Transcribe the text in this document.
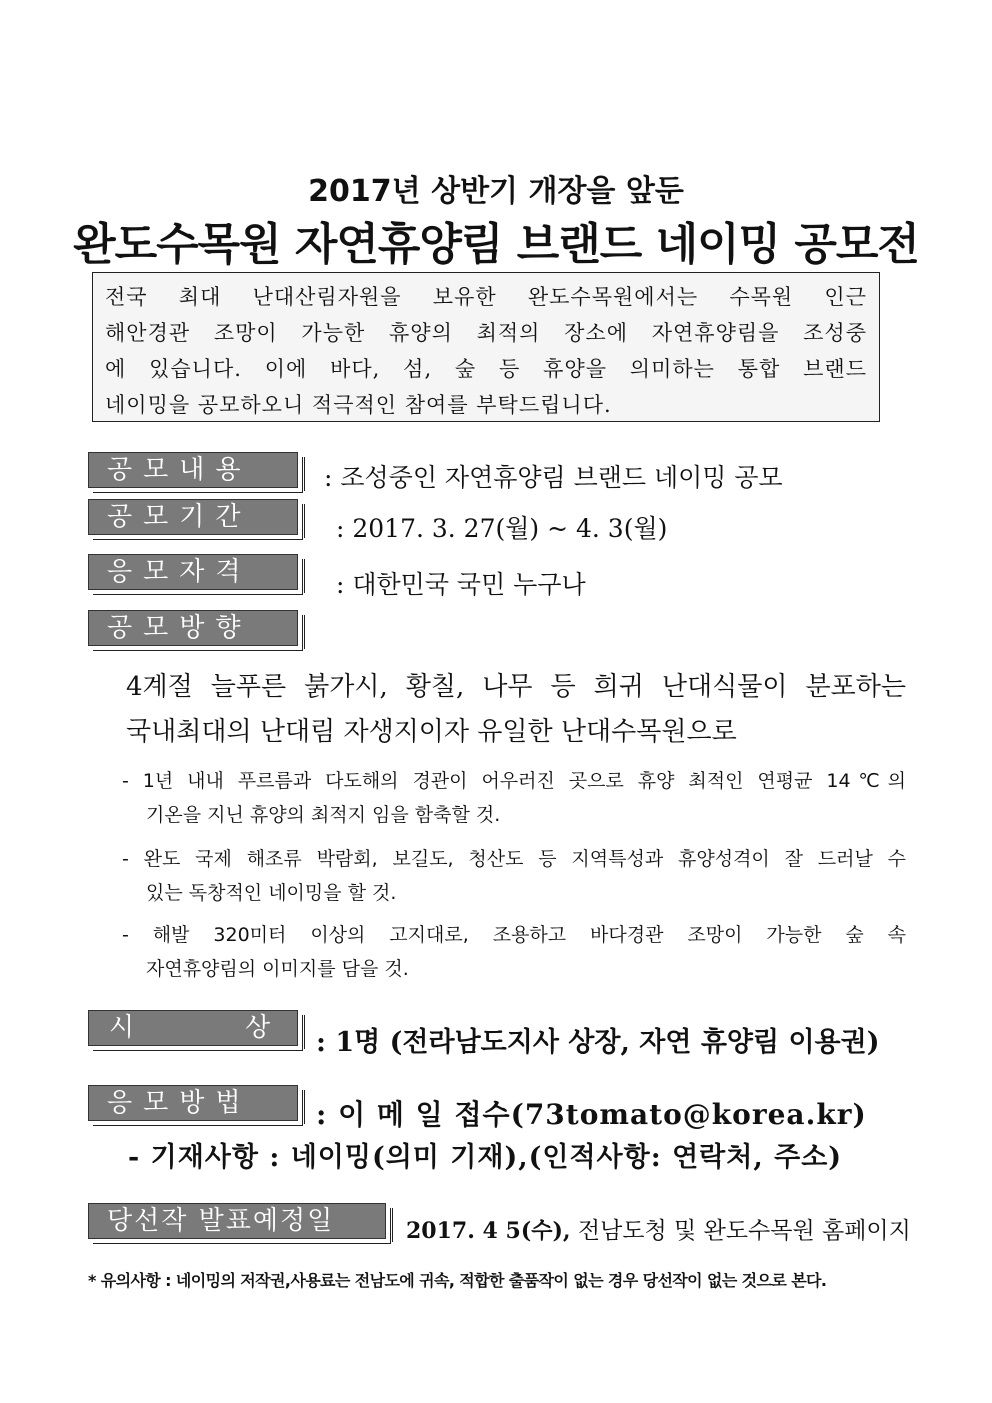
2017년 상반기 개장을 앞둔
완도수목원 자연휴양림 브랜드 네이밍 공모전
전국 최대 난대산림자원을 보유한 완도수목원에서는 수목원 인근
해안경관 조망이 가능한 휴양의 최적의 장소에 자연휴양림을 조성중
에 있습니다. 이에 바다, 섬, 숲 등 휴양을 의미하는 통합 브랜드
네이밍을 공모하오니 적극적인 참여를 부탁드립니다.
공모내용	: 조성중인 자연휴양림 브랜드 네이밍 공모
공모기간	: 2017. 3. 27(월) ~ 4. 3(월)
응모자격	: 대한민국 국민 누구나
공모방향
4계절 늘푸른 붉가시, 황칠, 나무 등 희귀 난대식물이 분포하는
국내최대의 난대림 자생지이자 유일한 난대수목원으로
- 1년 내내 푸르름과 다도해의 경관이 어우러진 곳으로 휴양 최적인 연평균 14℃의
기온을 지닌 휴양의 최적지 임을 함축할 것.
- 완도 국제 해조류 박람회, 보길도, 청산도 등 지역특성과 휴양성격이 잘 드러날 수
있는 독창적인 네이밍을 할 것.
- 해발 320미터 이상의 고지대로, 조용하고 바다경관 조망이 가능한 숲 속
자연휴양림의 이미지를 담을 것.
시	상 : 1명 (전라남도지사 상장, 자연 휴양림 이용권)
응모방법	: 이 메 일 접수(73tomato@korea.kr)
- 기재사항 : 네이밍(의미 기재),(인적사항: 연락처, 주소)
당선작 발표예정일	2017. 4 5(수), 전남도청 및 완도수목원 홈페이지
* 유의사항 : 네이밍의 저작권,사용료는 전남도에 귀속, 적합한 출품작이 없는 경우 당선작이 없는 것으로 본다.
